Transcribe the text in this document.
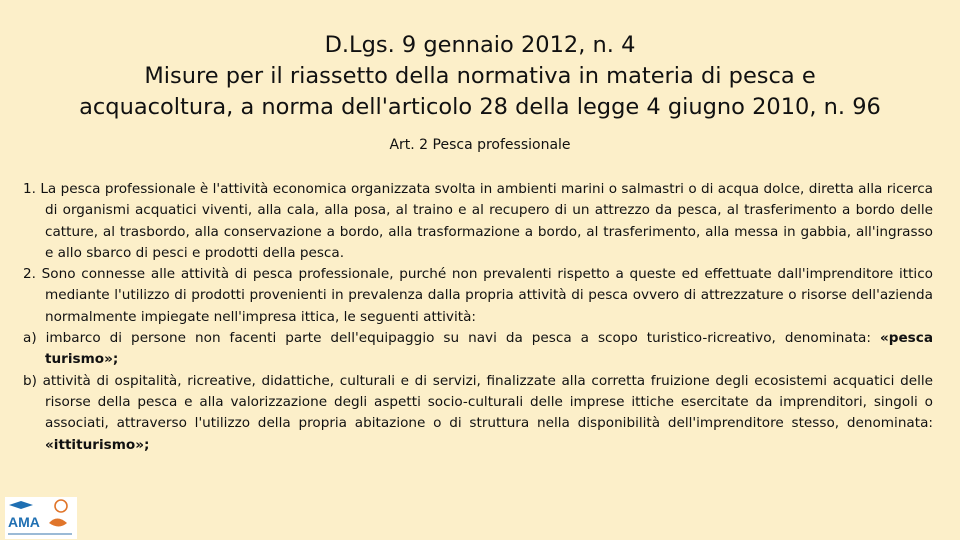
D.Lgs. 9 gennaio 2012, n. 4
Misure per il riassetto della normativa in materia di pesca e
acquacoltura, a norma dell'articolo 28 della legge 4 giugno 2010, n. 96
Art. 2 Pesca professionale

1. La pesca professionale è l'attività economica organizzata svolta in ambienti marini o salmastri o di acqua dolce, diretta alla ricerca di organismi acquatici viventi, alla cala, alla posa, al traino e al recupero di un attrezzo da pesca, al trasferimento a bordo delle catture, al trasbordo, alla conservazione a bordo, alla trasformazione a bordo, al trasferimento, alla messa in gabbia, all'ingrasso e allo sbarco di pesci e prodotti della pesca.

2. Sono connesse alle attività di pesca professionale, purché non prevalenti rispetto a queste ed effettuate dall'imprenditore ittico mediante l'utilizzo di prodotti provenienti in prevalenza dalla propria attività di pesca ovvero di attrezzature o risorse dell'azienda normalmente impiegate nell'impresa ittica, le seguenti attività:

a) imbarco di persone non facenti parte dell'equipaggio su navi da pesca a scopo turistico-ricreativo, denominata: «pesca turismo»;

b) attività di ospitalità, ricreative, didattiche, culturali e di servizi, finalizzate alla corretta fruizione degli ecosistemi acquatici delle risorse della pesca e alla valorizzazione degli aspetti socio-culturali delle imprese ittiche esercitate da imprenditori, singoli o associati, attraverso l'utilizzo della propria abitazione o di struttura nella disponibilità dell'imprenditore stesso, denominata: «ittiturismo»;

AMA
